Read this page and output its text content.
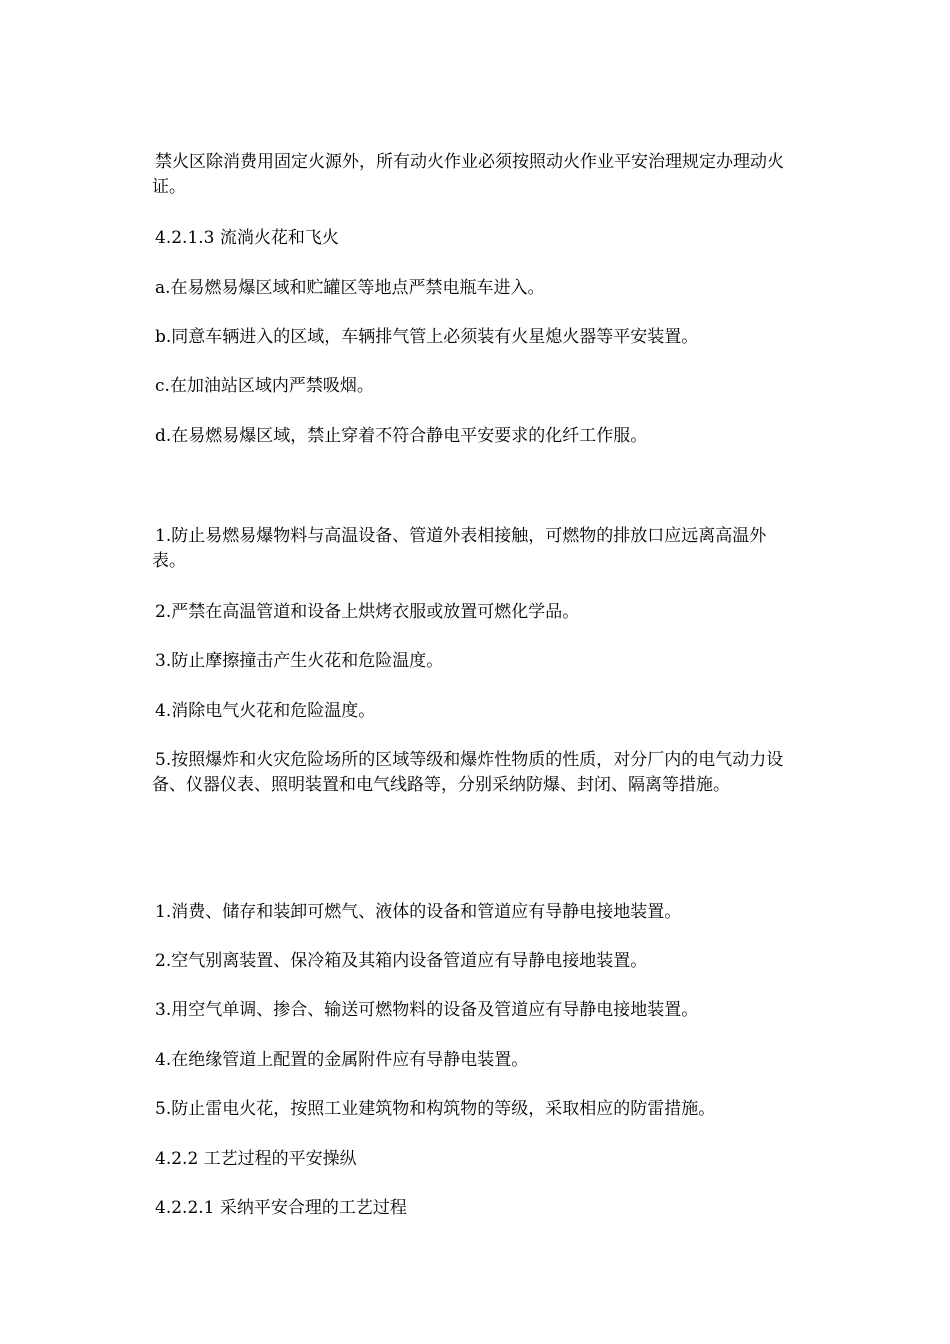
禁火区除消费用固定火源外，所有动火作业必须按照动火作业平安治理规定办理动火证。

4.2.1.3 流淌火花和飞火

a.在易燃易爆区域和贮罐区等地点严禁电瓶车进入。

b.同意车辆进入的区域，车辆排气管上必须装有火星熄火器等平安装置。

c.在加油站区域内严禁吸烟。

d.在易燃易爆区域，禁止穿着不符合静电平安要求的化纤工作服。

1.防止易燃易爆物料与高温设备、管道外表相接触，可燃物的排放口应远离高温外表。

2.严禁在高温管道和设备上烘烤衣服或放置可燃化学品。

3.防止摩擦撞击产生火花和危险温度。

4.消除电气火花和危险温度。

5.按照爆炸和火灾危险场所的区域等级和爆炸性物质的性质，对分厂内的电气动力设备、仪器仪表、照明装置和电气线路等，分别采纳防爆、封闭、隔离等措施。

1.消费、储存和装卸可燃气、液体的设备和管道应有导静电接地装置。

2.空气别离装置、保冷箱及其箱内设备管道应有导静电接地装置。

3.用空气单调、掺合、输送可燃物料的设备及管道应有导静电接地装置。

4.在绝缘管道上配置的金属附件应有导静电装置。

5.防止雷电火花，按照工业建筑物和构筑物的等级，采取相应的防雷措施。

4.2.2 工艺过程的平安操纵

4.2.2.1 采纳平安合理的工艺过程
